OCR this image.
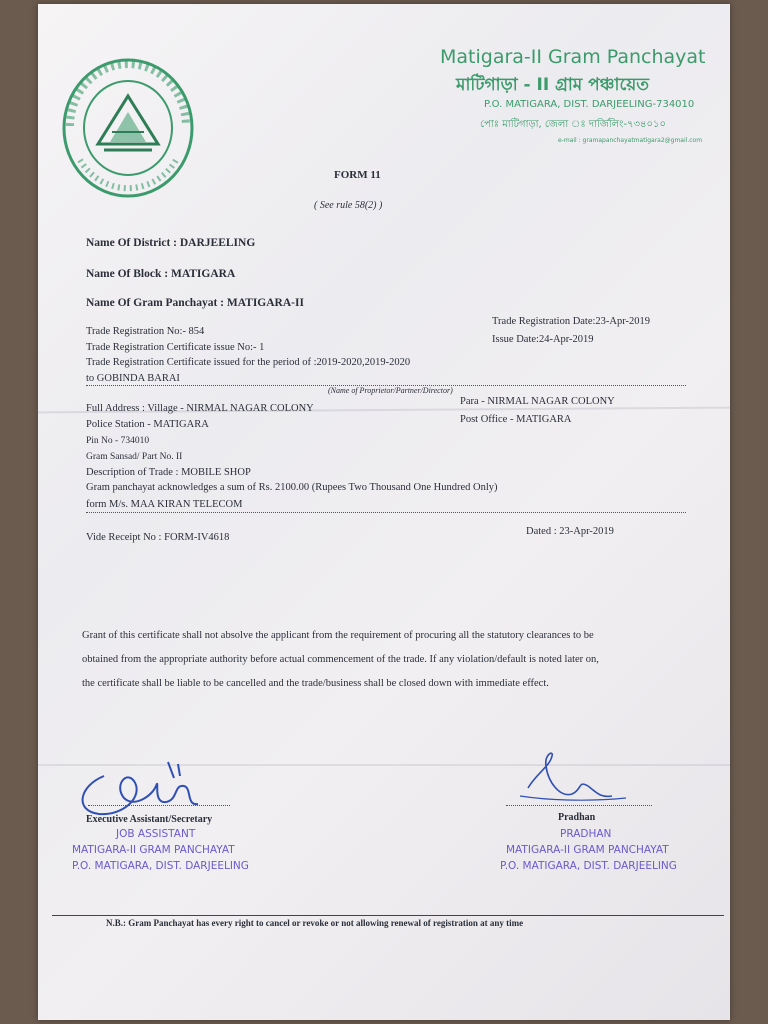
Matigara-II Gram Panchayat
মাটিগাড়া - II গ্রাম পঞ্চায়েত
P.O. MATIGARA, DIST. DARJEELING-734010
পোঃ মাটিগাড়া, জেলা ঃ দার্জিলিং-৭৩৪০১০
e-mail : gramapanchayatmatigara2@gmail.com
FORM 11
( See rule 58(2) )
Name Of District : DARJEELING
Name Of Block : MATIGARA
Name Of Gram Panchayat : MATIGARA-II
Trade Registration No:- 854
Trade Registration Certificate issue No:- 1
Trade Registration Certificate issued for the period of :2019-2020,2019-2020
Trade Registration Date:23-Apr-2019
Issue Date:24-Apr-2019
to GOBINDA BARAI
(Name of Proprietor/Partner/Director)
Full Address : Village - NIRMAL NAGAR COLONY
Para - NIRMAL NAGAR COLONY
Police Station - MATIGARA	Post Office - MATIGARA
Pin No - 734010
Gram Sansad/ Part No. II
Description of Trade : MOBILE SHOP
Gram panchayat acknowledges a sum of Rs. 2100.00 (Rupees Two Thousand One Hundred Only)
form M/s. MAA KIRAN TELECOM
Vide Receipt No : FORM-IV4618
Dated : 23-Apr-2019
Grant of this certificate shall not absolve the applicant from the requirement of procuring all the statutory clearances to be
obtained from the appropriate authority before actual commencement of the trade. If any violation/default is noted later on,
the certificate shall be liable to be cancelled and the trade/business shall be closed down with immediate effect.
Executive Assistant/Secretary
JOB ASSISTANT
MATIGARA-II GRAM PANCHAYAT
P.O. MATIGARA, DIST. DARJEELING
Pradhan
PRADHAN
MATIGARA-II GRAM PANCHAYAT
P.O. MATIGARA, DIST. DARJEELING
N.B.: Gram Panchayat has every right to cancel or revoke or not allowing renewal of registration at any time
